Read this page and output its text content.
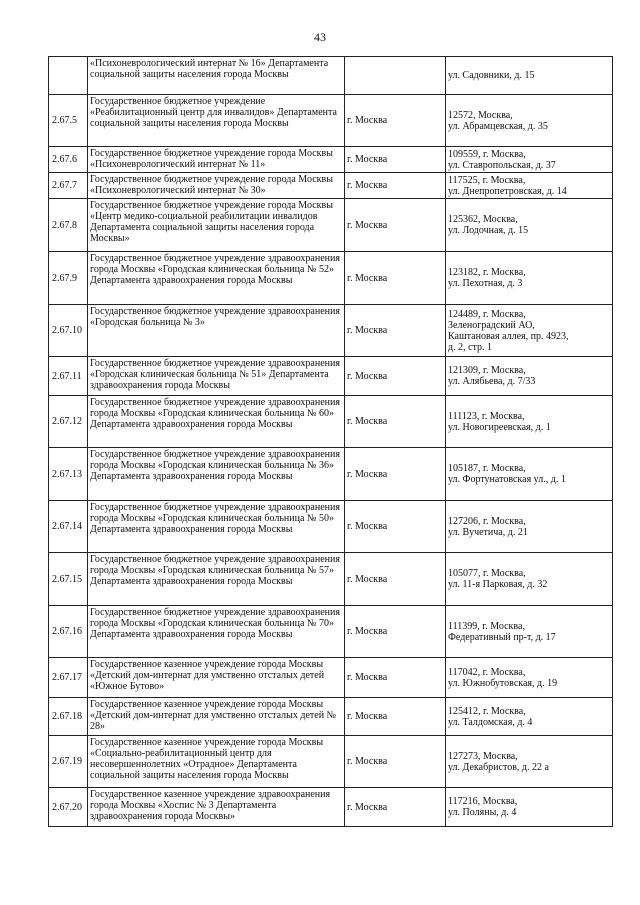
43
	«Психоневрологический интернат № 16» Департамента социальной защиты населения города Москвы		ул. Садовники, д. 15

2.67.5	Государственное бюджетное учреждение «Реабилитационный центр для инвалидов» Департамента социальной защиты населения города Москвы	г. Москва	12572, Москва,
ул. Абрамцевская, д. 35

2.67.6	Государственное бюджетное учреждение города Москвы «Психоневрологический интернат № 11»	г. Москва	109559, г. Москва,
ул. Ставропольская, д. 37

2.67.7	Государственное бюджетное учреждение города Москвы «Психоневрологический интернат № 30»	г. Москва	117525, г. Москва,
ул. Днепропетровская, д. 14

2.67.8	Государственное бюджетное учреждение города Москвы «Центр медико-социальной реабилитации инвалидов Департамента социальной защиты населения города Москвы»	г. Москва	125362, Москва,
ул. Лодочная, д. 15

2.67.9	Государственное бюджетное учреждение здравоохранения города Москвы «Городская клиническая больница № 52» Департамента здравоохранения города Москвы	г. Москва	123182, г. Москва,
ул. Пехотная, д. 3

2.67.10	Государственное бюджетное учреждение здравоохранения «Городская больница № 3»	г. Москва	124489, г. Москва,
Зеленоградский АО,
Каштановая аллея, пр. 4923,
д. 2, стр. 1

2.67.11	Государственное бюджетное учреждение здравоохранения «Городская клиническая больница № 51» Департамента здравоохранения города Москвы	г. Москва	121309, г. Москва,
ул. Алябьева, д. 7/33

2.67.12	Государственное бюджетное учреждение здравоохранения города Москвы «Городская клиническая больница № 60» Департамента здравоохранения города Москвы	г. Москва	111123, г. Москва,
ул. Новогиреевская, д. 1

2.67.13	Государственное бюджетное учреждение здравоохранения города Москвы «Городская клиническая больница № 36» Департамента здравоохранения города Москвы	г. Москва	105187, г. Москва,
ул. Фортунатовская ул., д. 1

2.67.14	Государственное бюджетное учреждение здравоохранения города Москвы «Городская клиническая больница № 50» Департамента здравоохранения города Москвы	г. Москва	127206, г. Москва,
ул. Вучетича, д. 21

2.67.15	Государственное бюджетное учреждение здравоохранения города Москвы «Городская клиническая больница № 57» Департамента здравоохранения города Москвы	г. Москва	105077, г. Москва,
ул. 11-я Парковая, д. 32

2.67.16	Государственное бюджетное учреждение здравоохранения города Москвы «Городская клиническая больница № 70» Департамента здравоохранения города Москвы	г. Москва	111399, г. Москва,
Федеративный пр-т, д. 17

2.67.17	Государственное казенное учреждение города Москвы «Детский дом-интернат для умственно отсталых детей «Южное Бутово»	г. Москва	117042, г. Москва,
ул. Южнобутовская, д. 19

2.67.18	Государственное казенное учреждение города Москвы «Детский дом-интернат для умственно отсталых детей № 28»	г. Москва	125412, г. Москва,
ул. Талдомская, д. 4

2.67.19	Государственное казенное учреждение города Москвы «Социально-реабилитационный центр для несовершеннолетних «Отрадное» Департамента социальной защиты населения города Москвы	г. Москва	127273, Москва,
ул. Декабристов, д. 22 а

2.67.20	Государственное казенное учреждение здравоохранения города Москвы «Хоспис № 3 Департамента здравоохранения города Москвы»	г. Москва	117216, Москва,
ул. Поляны, д. 4
